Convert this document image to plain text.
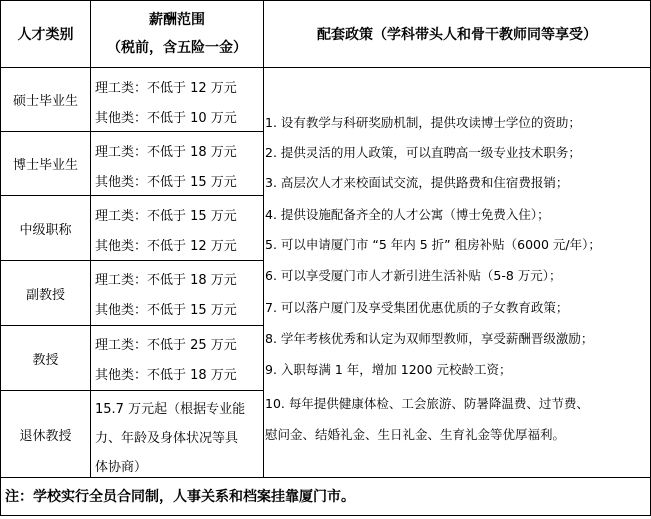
人才类别
薪酬范围
（税前，含五险一金）
配套政策（学科带头人和骨干教师同等享受）
硕士毕业生
博士毕业生
中级职称
副教授
教授
退休教授
理工类：不低于 12 万元
其他类：不低于 10 万元
理工类：不低于 18 万元
其他类：不低于 15 万元
理工类：不低于 15 万元
其他类：不低于 12 万元
理工类：不低于 18 万元
其他类：不低于 15 万元
理工类：不低于 25 万元
其他类：不低于 18 万元
15.7 万元起（根据专业能
力、年龄及身体状况等具
体协商）
1. 设有教学与科研奖励机制，提供攻读博士学位的资助；
2. 提供灵活的用人政策，可以直聘高一级专业技术职务；
3. 高层次人才来校面试交流，提供路费和住宿费报销；
4. 提供设施配备齐全的人才公寓（博士免费入住）；
5. 可以申请厦门市 “5 年内 5 折” 租房补贴（6000 元/年）；
6. 可以享受厦门市人才新引进生活补贴（5-8 万元）；
7. 可以落户厦门及享受集团优惠优质的子女教育政策；
8. 学年考核优秀和认定为双师型教师，享受薪酬晋级激励；
9. 入职每满 1 年，增加 1200 元校龄工资；
10. 每年提供健康体检、工会旅游、防暑降温费、过节费、
慰问金、结婚礼金、生日礼金、生育礼金等优厚福利。
注：学校实行全员合同制，人事关系和档案挂靠厦门市。
